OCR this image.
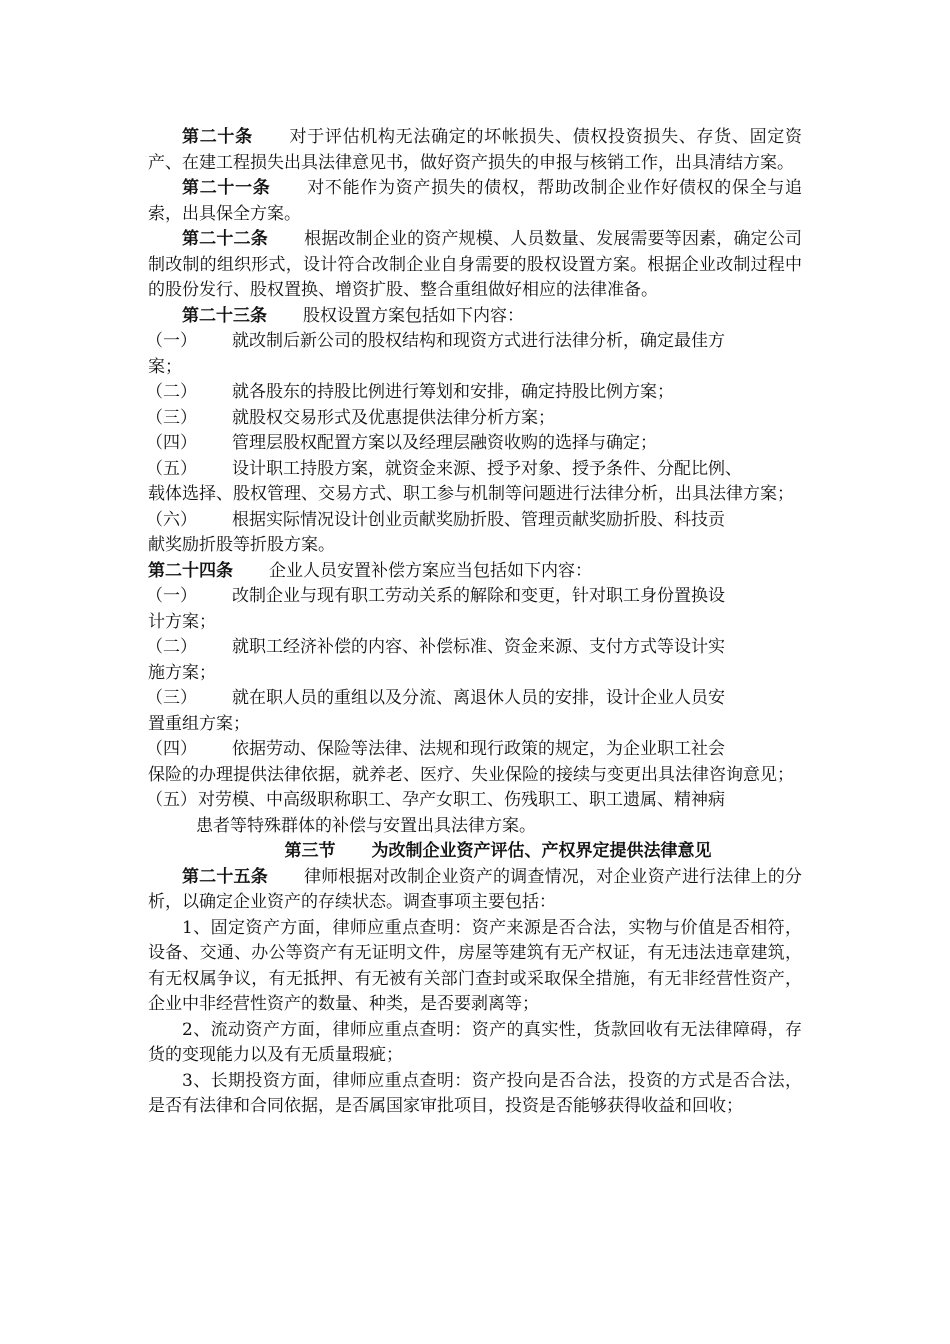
第二十条 对于评估机构无法确定的坏帐损失、债权投资损失、存货、固定资产、在建工程损失出具法律意见书，做好资产损失的申报与核销工作，出具清结方案。

第二十一条 对不能作为资产损失的债权，帮助改制企业作好债权的保全与追索，出具保全方案。

第二十二条 根据改制企业的资产规模、人员数量、发展需要等因素，确定公司制改制的组织形式，设计符合改制企业自身需要的股权设置方案。根据企业改制过程中的股份发行、股权置换、增资扩股、整合重组做好相应的法律准备。

第二十三条 股权设置方案包括如下内容：

（一）	就改制后新公司的股权结构和现资方式进行法律分析，确定最佳方
案；
（二）	就各股东的持股比例进行筹划和安排，确定持股比例方案；
（三）	就股权交易形式及优惠提供法律分析方案；
（四）	管理层股权配置方案以及经理层融资收购的选择与确定；
（五）	设计职工持股方案，就资金来源、授予对象、授予条件、分配比例、
载体选择、股权管理、交易方式、职工参与机制等问题进行法律分析，出具法律方案；
（六）	根据实际情况设计创业贡献奖励折股、管理贡献奖励折股、科技贡
献奖励折股等折股方案。

第二十四条 企业人员安置补偿方案应当包括如下内容：

（一）	改制企业与现有职工劳动关系的解除和变更，针对职工身份置换设
计方案；
（二）	就职工经济补偿的内容、补偿标准、资金来源、支付方式等设计实
施方案；
（三）	就在职人员的重组以及分流、离退休人员的安排，设计企业人员安
置重组方案；
（四）	依据劳动、保险等法律、法规和现行政策的规定，为企业职工社会
保险的办理提供法律依据，就养老、医疗、失业保险的接续与变更出具法律咨询意见；
（五） 对劳模、中高级职称职工、孕产女职工、伤残职工、职工遗属、精神病
患者等特殊群体的补偿与安置出具法律方案。

第三节 为改制企业资产评估、产权界定提供法律意见

第二十五条 律师根据对改制企业资产的调查情况，对企业资产进行法律上的分析，以确定企业资产的存续状态。调查事项主要包括：

1、固定资产方面，律师应重点查明：资产来源是否合法，实物与价值是否相符，设备、交通、办公等资产有无证明文件，房屋等建筑有无产权证，有无违法违章建筑，有无权属争议，有无抵押、有无被有关部门查封或采取保全措施，有无非经营性资产，企业中非经营性资产的数量、种类，是否要剥离等；

2、流动资产方面，律师应重点查明：资产的真实性，货款回收有无法律障碍，存货的变现能力以及有无质量瑕疵；

3、长期投资方面，律师应重点查明：资产投向是否合法，投资的方式是否合法，是否有法律和合同依据，是否属国家审批项目，投资是否能够获得收益和回收；
